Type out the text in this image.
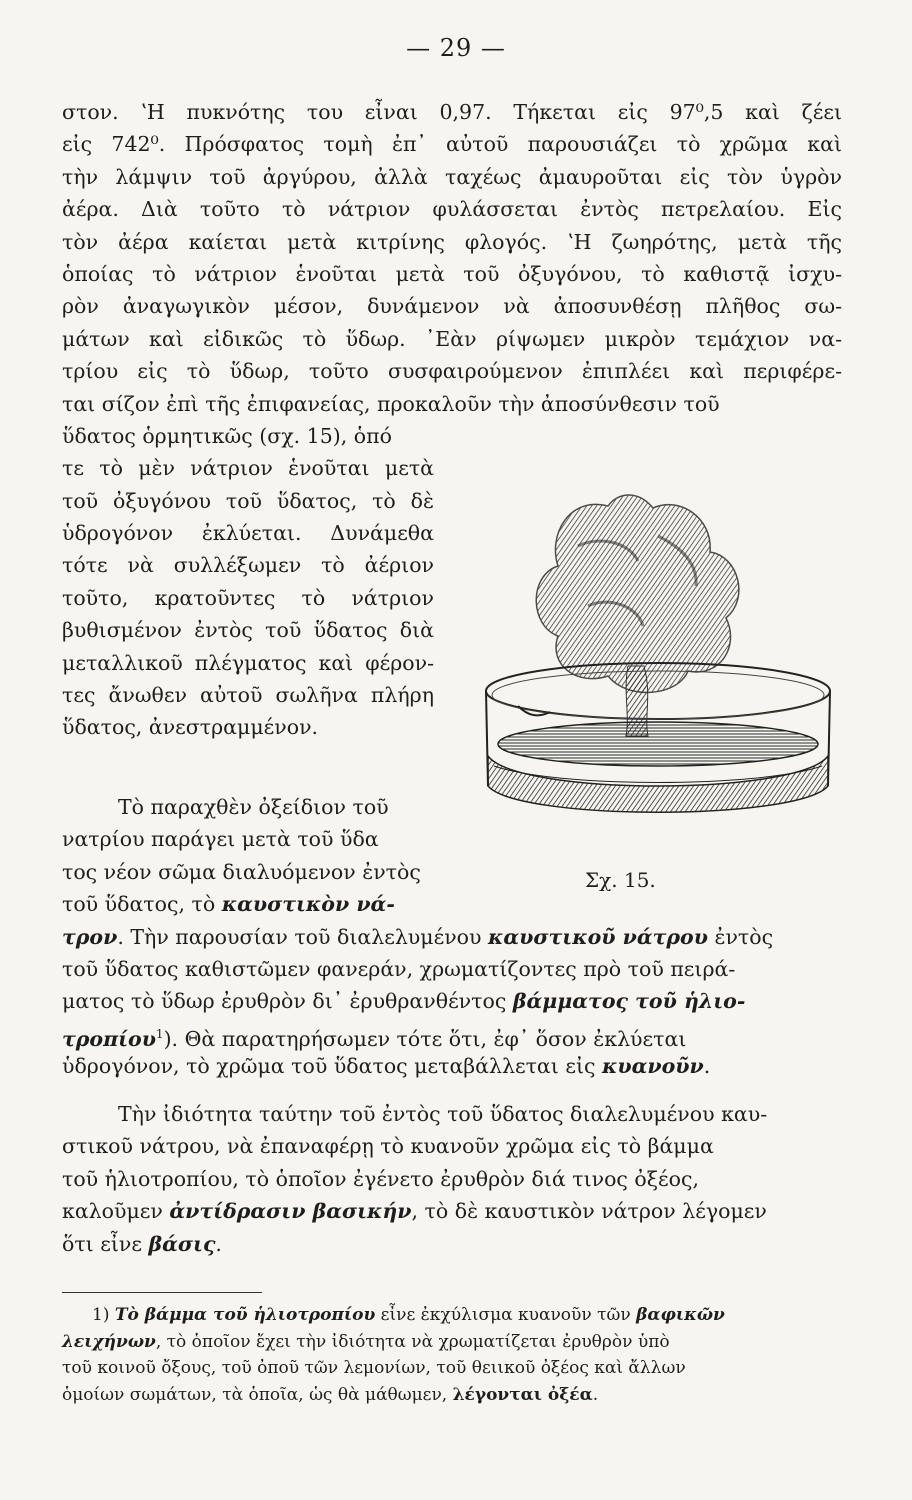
— 29 —
στον. ʽΗ πυκνότης του εἶναι 0,97. Τήκεται εἰς 97⁰,5 καὶ ζέει
εἰς 742⁰. Πρόσφατος τομὴ ἐπ᾽ αὐτοῦ παρουσιάζει τὸ χρῶμα καὶ
τὴν λάμψιν τοῦ ἀργύρου, ἀλλὰ ταχέως ἀμαυροῦται εἰς τὸν ὑγρὸν
ἀέρα. Διὰ τοῦτο τὸ νάτριον φυλάσσεται ἐντὸς πετρελαίου. Εἰς
τὸν ἀέρα καίεται μετὰ κιτρίνης φλογός. ʽΗ ζωηρότης, μετὰ τῆς
ὁποίας τὸ νάτριον ἑνοῦται μετὰ τοῦ ὀξυγόνου, τὸ καθιστᾷ ἰσχυ-
ρὸν ἀναγωγικὸν μέσον, δυνάμενον νὰ ἀποσυνθέσῃ πλῆθος σω-
μάτων καὶ εἰδικῶς τὸ ὕδωρ. ᾽Εὰν ρίψωμεν μικρὸν τεμάχιον να-
τρίου εἰς τὸ ὕδωρ, τοῦτο συσφαιρούμενον ἐπιπλέει καὶ περιφέρε-
ται σίζον ἐπὶ τῆς ἐπιφανείας, προκαλοῦν τὴν ἀποσύνθεσιν τοῦ
ὕδατος ὁρμητικῶς (σχ. 15), ὁπό
τε τὸ μὲν νάτριον ἑνοῦται μετὰ
τοῦ ὀξυγόνου τοῦ ὕδατος, τὸ δὲ
ὑδρογόνον ἐκλύεται. Δυνάμεθα
τότε νὰ συλλέξωμεν τὸ ἀέριον
τοῦτο, κρατοῦντες τὸ νάτριον
βυθισμένον ἐντὸς τοῦ ὕδατος διὰ
μεταλλικοῦ πλέγματος καὶ φέρον-
τες ἄνωθεν αὐτοῦ σωλῆνα πλήρη
ὕδατος, ἀνεστραμμένον.
Σχ. 15.
Τὸ παραχθὲν ὀξείδιον τοῦ
νατρίου παράγει μετὰ τοῦ ὕδα
τος νέον σῶμα διαλυόμενον ἐντὸς
τοῦ ὕδατος, τὸ καυστικὸν νά-
τρον. Τὴν παρουσίαν τοῦ διαλελυμένου καυστικοῦ νάτρου ἐντὸς
τοῦ ὕδατος καθιστῶμεν φανεράν, χρωματίζοντες πρὸ τοῦ πειρά-
ματος τὸ ὕδωρ ἐρυθρὸν δι᾽ ἐρυθρανθέντος βάμματος τοῦ ἡλιο-
τροπίου$^1$). Θὰ παρατηρήσωμεν τότε ὅτι, ἐφ᾽ ὅσον ἐκλύεται
ὑδρογόνον, τὸ χρῶμα τοῦ ὕδατος μεταβάλλεται εἰς κυανοῦν.
Τὴν ἰδιότητα ταύτην τοῦ ἐντὸς τοῦ ὕδατος διαλελυμένου καυ-
στικοῦ νάτρου, νὰ ἐπαναφέρῃ τὸ κυανοῦν χρῶμα εἰς τὸ βάμμα
τοῦ ἡλιοτροπίου, τὸ ὁποῖον ἐγένετο ἐρυθρὸν διά τινος ὀξέος,
καλοῦμεν ἀντίδρασιν βασικήν, τὸ δὲ καυστικὸν νάτρον λέγομεν
ὅτι εἶνε βάσις.
1) Τὸ βάμμα τοῦ ἡλιοτροπίου εἶνε ἐκχύλισμα κυανοῦν τῶν βαφικῶν
λειχήνων, τὸ ὁποῖον ἔχει τὴν ἰδιότητα νὰ χρωματίζεται ἐρυθρὸν ὑπὸ
τοῦ κοινοῦ ὄξους, τοῦ ὀποῦ τῶν λεμονίων, τοῦ θειικοῦ ὀξέος καὶ ἄλλων
ὁμοίων σωμάτων, τὰ ὁποῖα, ὡς θὰ μάθωμεν, λέγονται ὀξέα.
